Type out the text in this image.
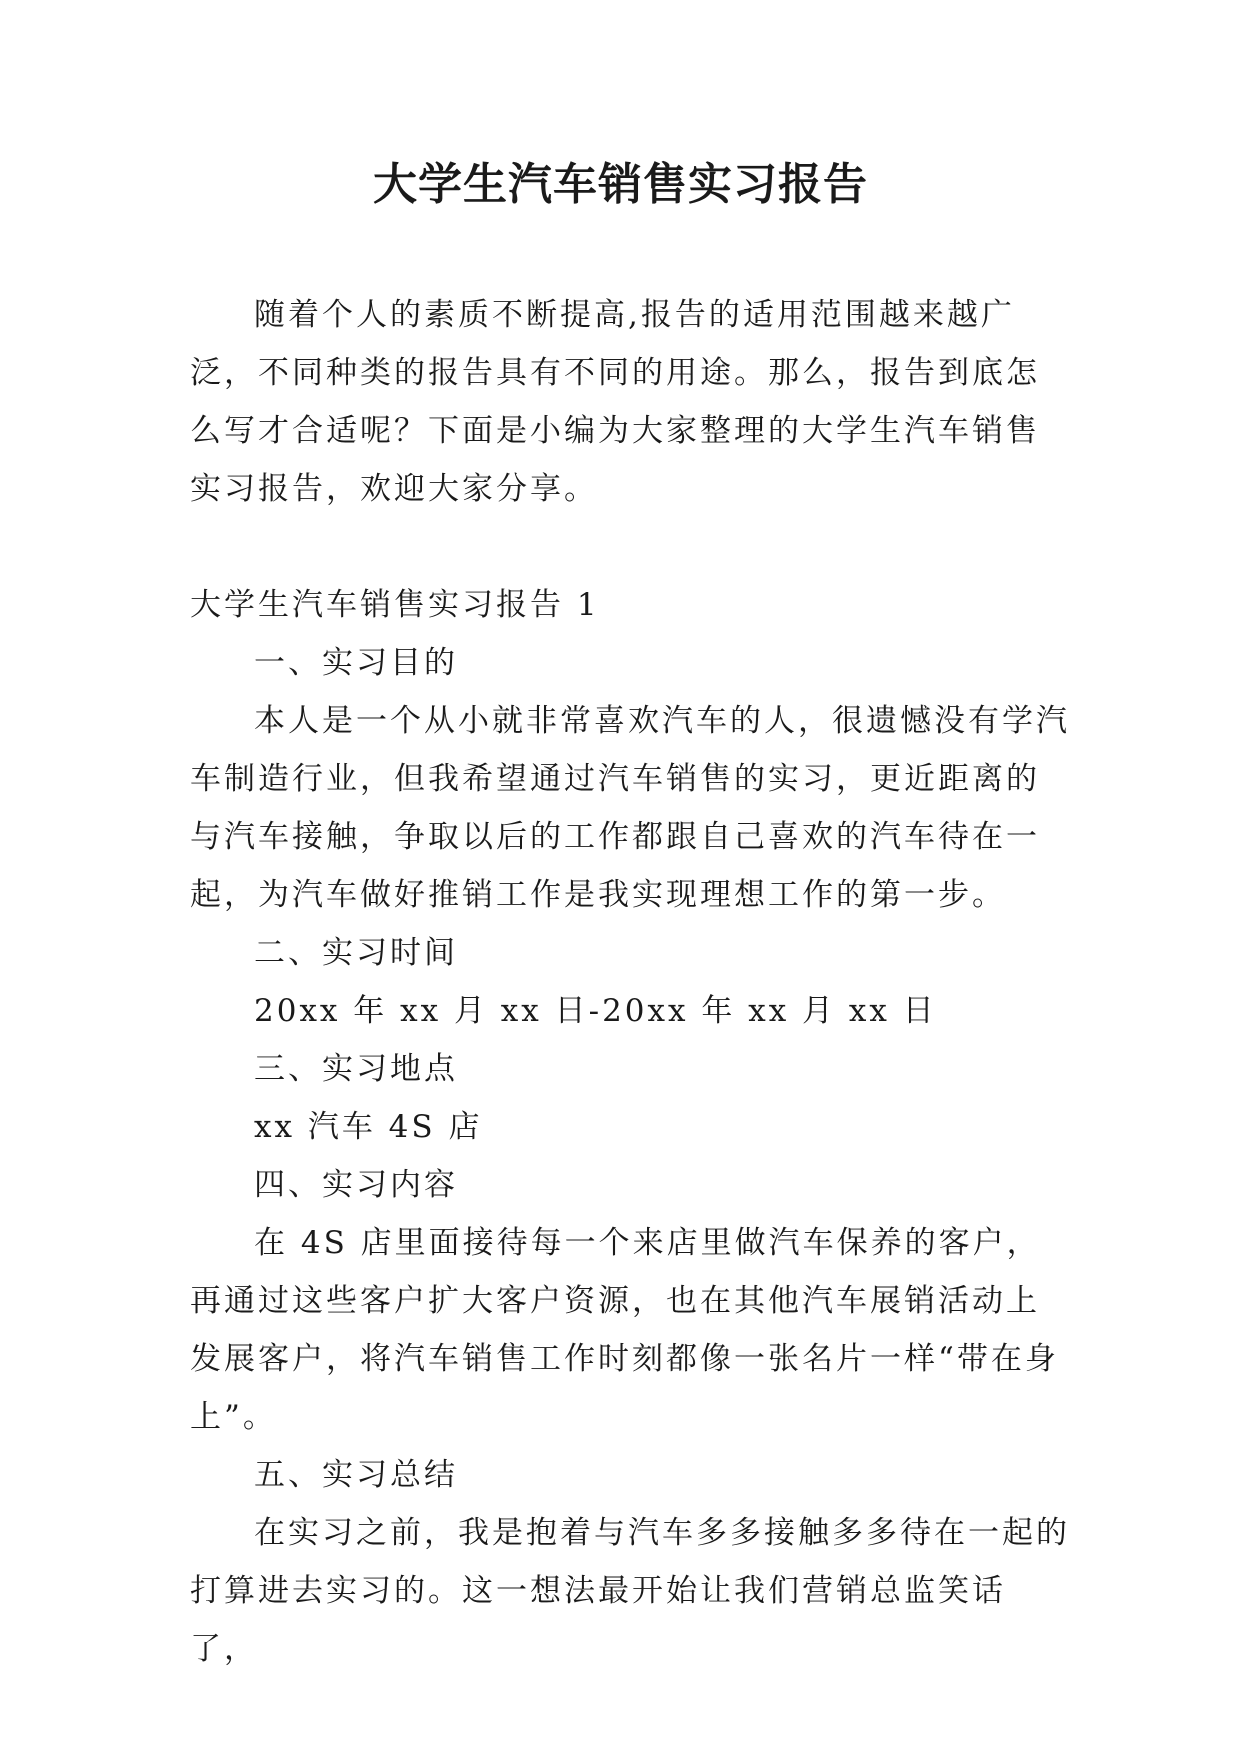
大学生汽车销售实习报告

随着个人的素质不断提高,报告的适用范围越来越广泛，不同种类的报告具有不同的用途。那么，报告到底怎么写才合适呢？下面是小编为大家整理的大学生汽车销售实习报告，欢迎大家分享。

大学生汽车销售实习报告 1

一、实习目的

本人是一个从小就非常喜欢汽车的人，很遗憾没有学汽车制造行业，但我希望通过汽车销售的实习，更近距离的与汽车接触，争取以后的工作都跟自己喜欢的汽车待在一起，为汽车做好推销工作是我实现理想工作的第一步。

二、实习时间

20xx 年 xx 月 xx 日-20xx 年 xx 月 xx 日

三、实习地点

xx 汽车 4S 店

四、实习内容

在 4S 店里面接待每一个来店里做汽车保养的客户，再通过这些客户扩大客户资源，也在其他汽车展销活动上发展客户，将汽车销售工作时刻都像一张名片一样“带在身上”。

五、实习总结

在实习之前，我是抱着与汽车多多接触多多待在一起的打算进去实习的。这一想法最开始让我们营销总监笑话了，
